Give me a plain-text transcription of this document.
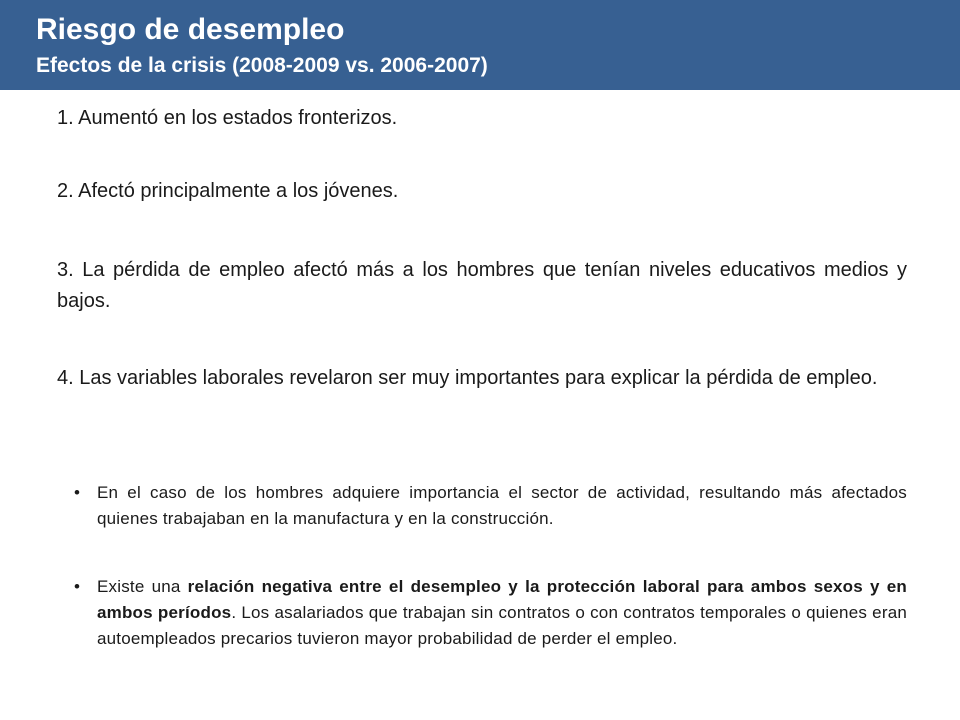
Riesgo de desempleo
Efectos de la crisis (2008-2009 vs. 2006-2007)

1. Aumentó en los estados fronterizos.

2. Afectó principalmente a los jóvenes.

3. La pérdida de empleo afectó más a los hombres que tenían niveles educativos medios y bajos.

4. Las variables laborales revelaron ser muy importantes para explicar la pérdida de empleo.

• En el caso de los hombres adquiere importancia el sector de actividad, resultando más afectados quienes trabajaban en la manufactura y en la construcción.
• Existe una relación negativa entre el desempleo y la protección laboral para ambos sexos y en ambos períodos. Los asalariados que trabajan sin contratos o con contratos temporales o quienes eran autoempleados precarios tuvieron mayor probabilidad de perder el empleo.
